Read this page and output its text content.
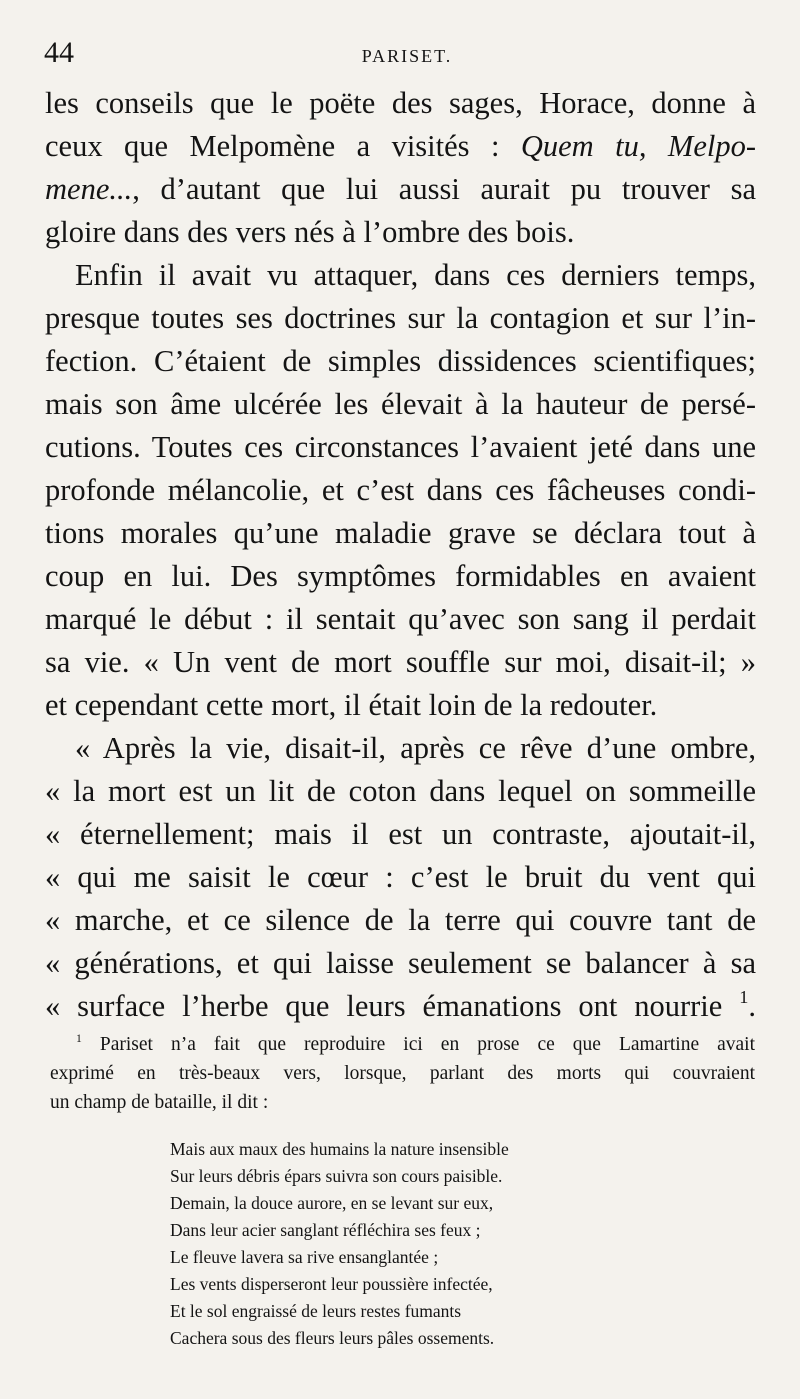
44	PARISET.
les conseils que le poëte des sages, Horace, donne à
ceux que Melpomène a visités : Quem tu, Melpo-
mene..., d’autant que lui aussi aurait pu trouver sa
gloire dans des vers nés à l’ombre des bois.
Enfin il avait vu attaquer, dans ces derniers temps,
presque toutes ses doctrines sur la contagion et sur l’in-
fection. C’étaient de simples dissidences scientifiques;
mais son âme ulcérée les élevait à la hauteur de persé-
cutions. Toutes ces circonstances l’avaient jeté dans une
profonde mélancolie, et c’est dans ces fâcheuses condi-
tions morales qu’une maladie grave se déclara tout à
coup en lui. Des symptômes formidables en avaient
marqué le début : il sentait qu’avec son sang il perdait
sa vie. « Un vent de mort souffle sur moi, disait-il; »
et cependant cette mort, il était loin de la redouter.
« Après la vie, disait-il, après ce rêve d’une ombre,
« la mort est un lit de coton dans lequel on sommeille
« éternellement; mais il est un contraste, ajoutait-il,
« qui me saisit le cœur : c’est le bruit du vent qui
« marche, et ce silence de la terre qui couvre tant de
« générations, et qui laisse seulement se balancer à sa
« surface l’herbe que leurs émanations ont nourrie $^1$.
$^1$ Pariset n’a fait que reproduire ici en prose ce que Lamartine avait
exprimé en très-beaux vers, lorsque, parlant des morts qui couvraient
un champ de bataille, il dit :
Mais aux maux des humains la nature insensible
Sur leurs débris épars suivra son cours paisible.
Demain, la douce aurore, en se levant sur eux,
Dans leur acier sanglant réfléchira ses feux ;
Le fleuve lavera sa rive ensanglantée ;
Les vents disperseront leur poussière infectée,
Et le sol engraissé de leurs restes fumants
Cachera sous des fleurs leurs pâles ossements.
